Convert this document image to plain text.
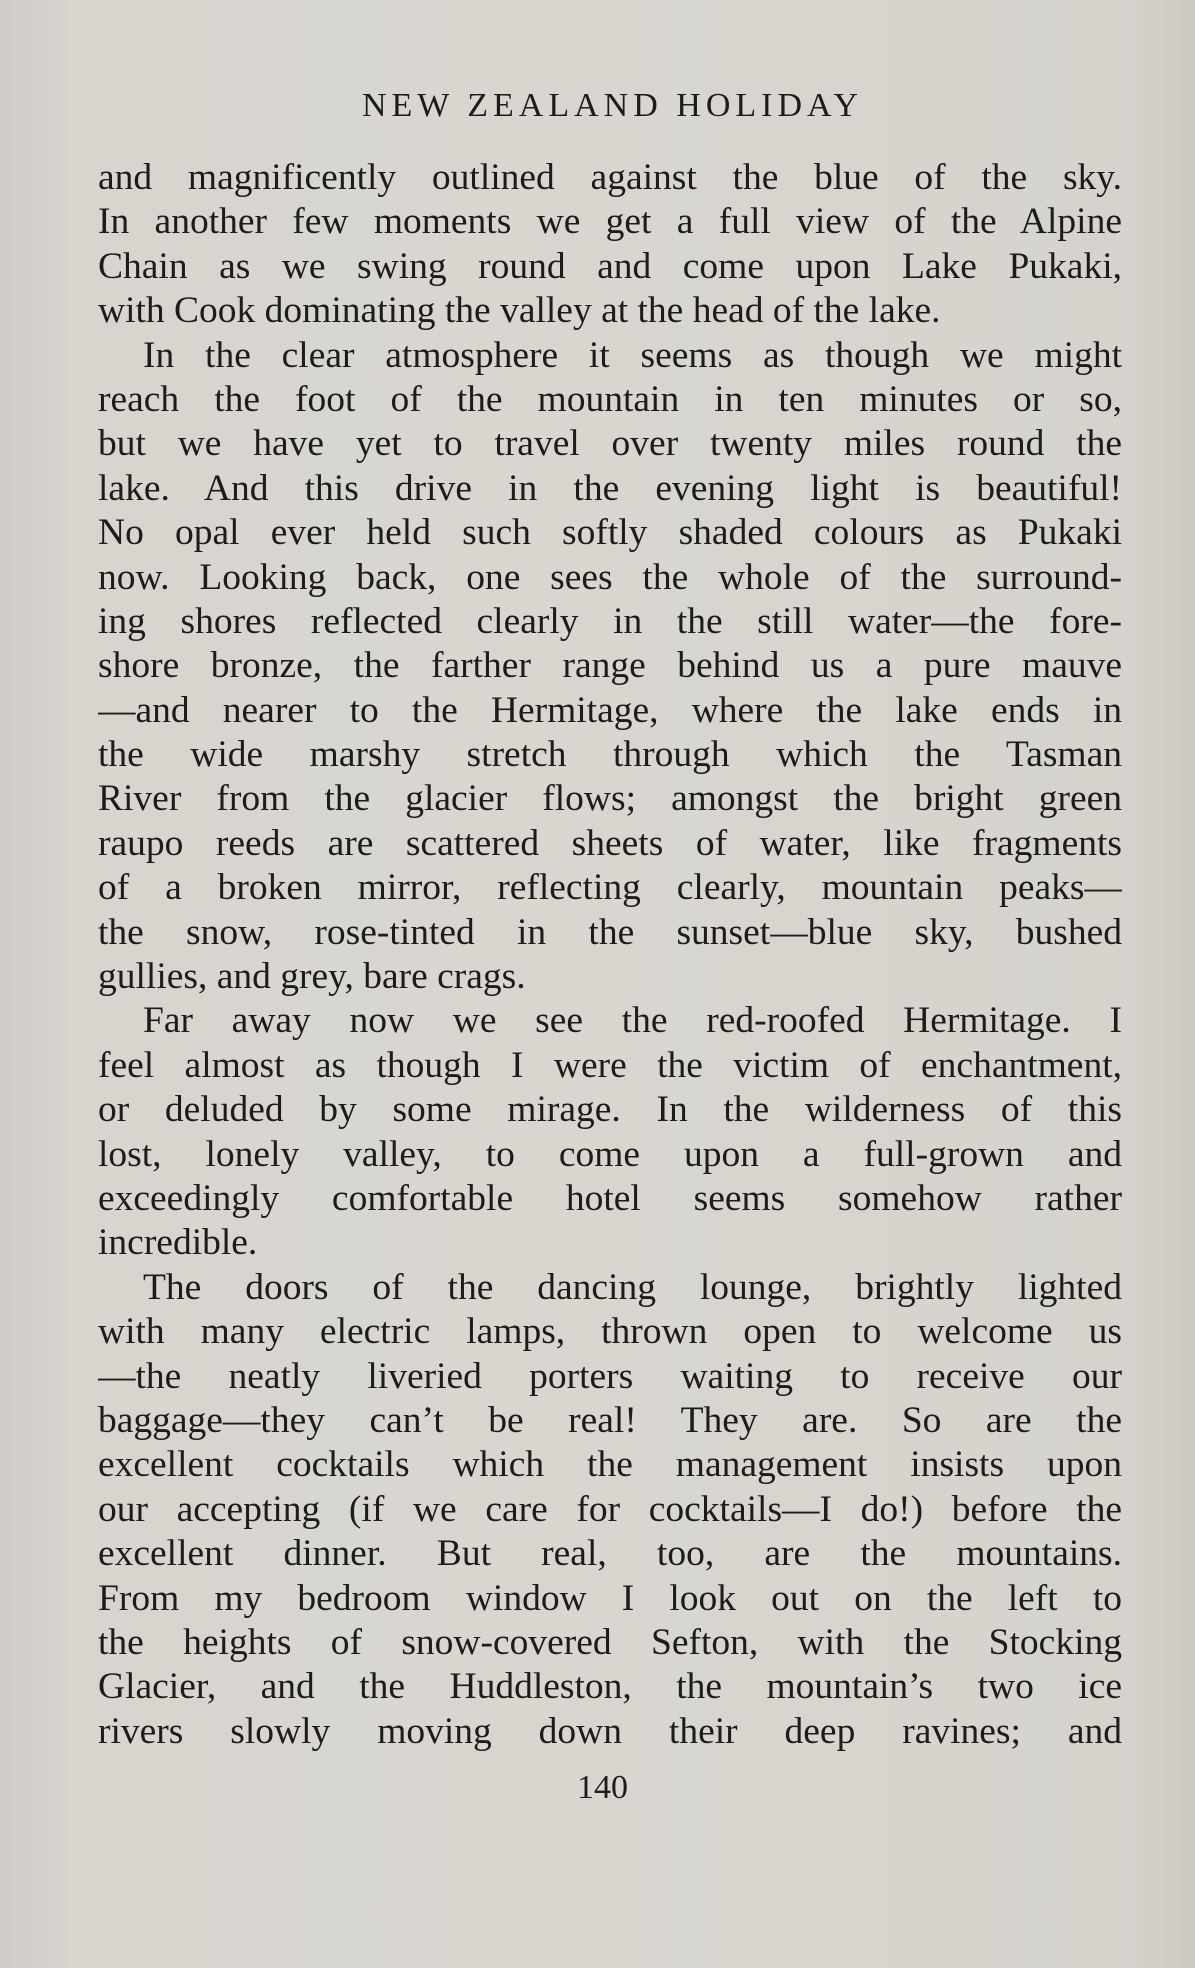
NEW ZEALAND HOLIDAY
and magnificently outlined against the blue of the sky.
In another few moments we get a full view of the Alpine
Chain as we swing round and come upon Lake Pukaki,
with Cook dominating the valley at the head of the lake.
In the clear atmosphere it seems as though we might
reach the foot of the mountain in ten minutes or so,
but we have yet to travel over twenty miles round the
lake. And this drive in the evening light is beautiful!
No opal ever held such softly shaded colours as Pukaki
now. Looking back, one sees the whole of the surround-
ing shores reflected clearly in the still water—the fore-
shore bronze, the farther range behind us a pure mauve
—and nearer to the Hermitage, where the lake ends in
the wide marshy stretch through which the Tasman
River from the glacier flows; amongst the bright green
raupo reeds are scattered sheets of water, like fragments
of a broken mirror, reflecting clearly, mountain peaks—
the snow, rose-tinted in the sunset—blue sky, bushed
gullies, and grey, bare crags.
Far away now we see the red-roofed Hermitage. I
feel almost as though I were the victim of enchantment,
or deluded by some mirage. In the wilderness of this
lost, lonely valley, to come upon a full-grown and
exceedingly comfortable hotel seems somehow rather
incredible.
The doors of the dancing lounge, brightly lighted
with many electric lamps, thrown open to welcome us
—the neatly liveried porters waiting to receive our
baggage—they can’t be real! They are. So are the
excellent cocktails which the management insists upon
our accepting (if we care for cocktails—I do!) before the
excellent dinner. But real, too, are the mountains.
From my bedroom window I look out on the left to
the heights of snow-covered Sefton, with the Stocking
Glacier, and the Huddleston, the mountain’s two ice
rivers slowly moving down their deep ravines; and
140
